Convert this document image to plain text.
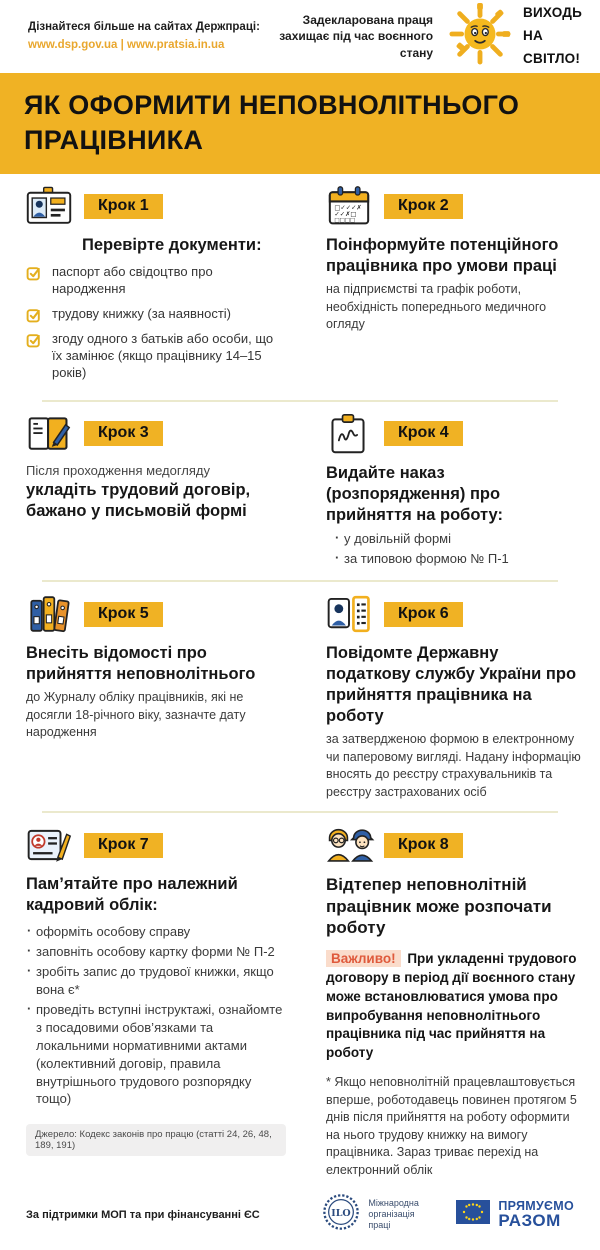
Дізнайтеся більше на сайтах Держпраці:
www.dsp.gov.ua | www.pratsia.in.ua
Задекларована праця захищає під час воєнного стану
ВИХОДЬ
НА СВІТЛО!
ЯК ОФОРМИТИ НЕПОВНОЛІТНЬОГО ПРАЦІВНИКА
Крок 1
Перевірте документи:
паспорт або свідоцтво про народження
трудову книжку (за наявності)
згоду одного з батьків або особи, що їх замінює (якщо працівнику 14–15 років)
□✓✓✓✗
✓✓✗□
□□□□
Крок 2
Поінформуйте потенційного працівника про умови праці
на підприємстві та графік роботи, необхідність попереднього медичного огляду
Крок 3
Після проходження медогляду
укладіть трудовий договір, бажано у письмовій формі
Крок 4
Видайте наказ (розпорядження) про прийняття на роботу:
· у довільній формі
· за типовою формою № П-1
Крок 5
Внесіть відомості про прийняття неповнолітнього
до Журналу обліку працівників, які не досягли 18-річного віку, зазначте дату народження
Крок 6
Повідомте Державну податкову службу України про прийняття працівника на роботу
за затвердженою формою в електронному чи паперовому вигляді. Надану інформацію вносять до реєстру страхувальників та реєстру застрахованих осіб
Крок 7
Пам’ятайте про належний кадровий облік:
· оформіть особову справу
· заповніть особову картку форми № П-2
· зробіть запис до трудової книжки, якщо вона є*
· проведіть вступні інструктажі, ознайомте з посадовими обов’язками та локальними нормативними актами (колективний договір, правила внутрішнього трудового розпорядку тощо)
Джерело: Кодекс законів про працю (статті 24, 26, 48, 189, 191)
Крок 8
Відтепер неповнолітній працівник може розпочати роботу
Важливо! При укладенні трудового договору в період дії воєнного стану може встановлюватися умова про випробування неповнолітнього працівника під час прийняття на роботу
* Якщо неповнолітній працевлаштовується вперше, роботодавець повинен протягом 5 днів після прийняття на роботу оформити на нього трудову книжку на вимогу працівника. Зараз триває перехід на електронний облік
За підтримки МОП та при фінансуванні ЄС	ILO
Міжнародна організація праці
ПРЯМУЄМО
РАЗОМ
